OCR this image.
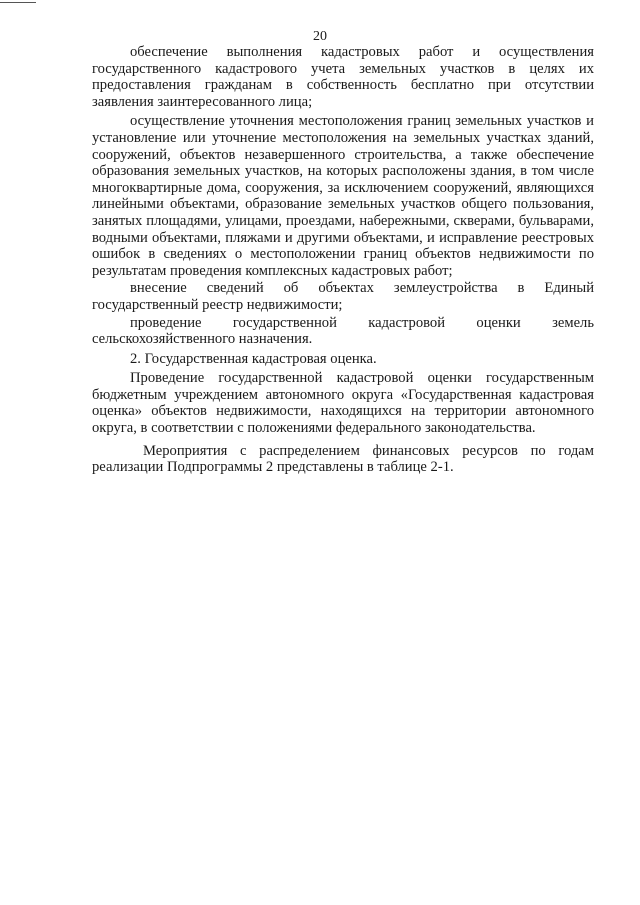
20

обеспечение выполнения кадастровых работ и осуществления государственного кадастрового учета земельных участков в целях их предоставления гражданам в собственность бесплатно при отсутствии заявления заинтересованного лица;

осуществление уточнения местоположения границ земельных участков и установление или уточнение местоположения на земельных участках зданий, сооружений, объектов незавершенного строительства, а также обеспечение образования земельных участков, на которых расположены здания, в том числе многоквартирные дома, сооружения, за исключением сооружений, являющихся линейными объектами, образование земельных участков общего пользования, занятых площадями, улицами, проездами, набережными, скверами, бульварами, водными объектами, пляжами и другими объектами, и исправление реестровых ошибок в сведениях о местоположении границ объектов недвижимости по результатам проведения комплексных кадастровых работ;

внесение сведений об объектах землеустройства в Единый государственный реестр недвижимости;

проведение государственной кадастровой оценки земель сельскохозяйственного назначения.

2. Государственная кадастровая оценка.

Проведение государственной кадастровой оценки государственным бюджетным учреждением автономного округа «Государственная кадастровая оценка» объектов недвижимости, находящихся на территории автономного округа, в соответствии с положениями федерального законодательства.

Мероприятия с распределением финансовых ресурсов по годам реализации Подпрограммы 2 представлены в таблице 2-1.
